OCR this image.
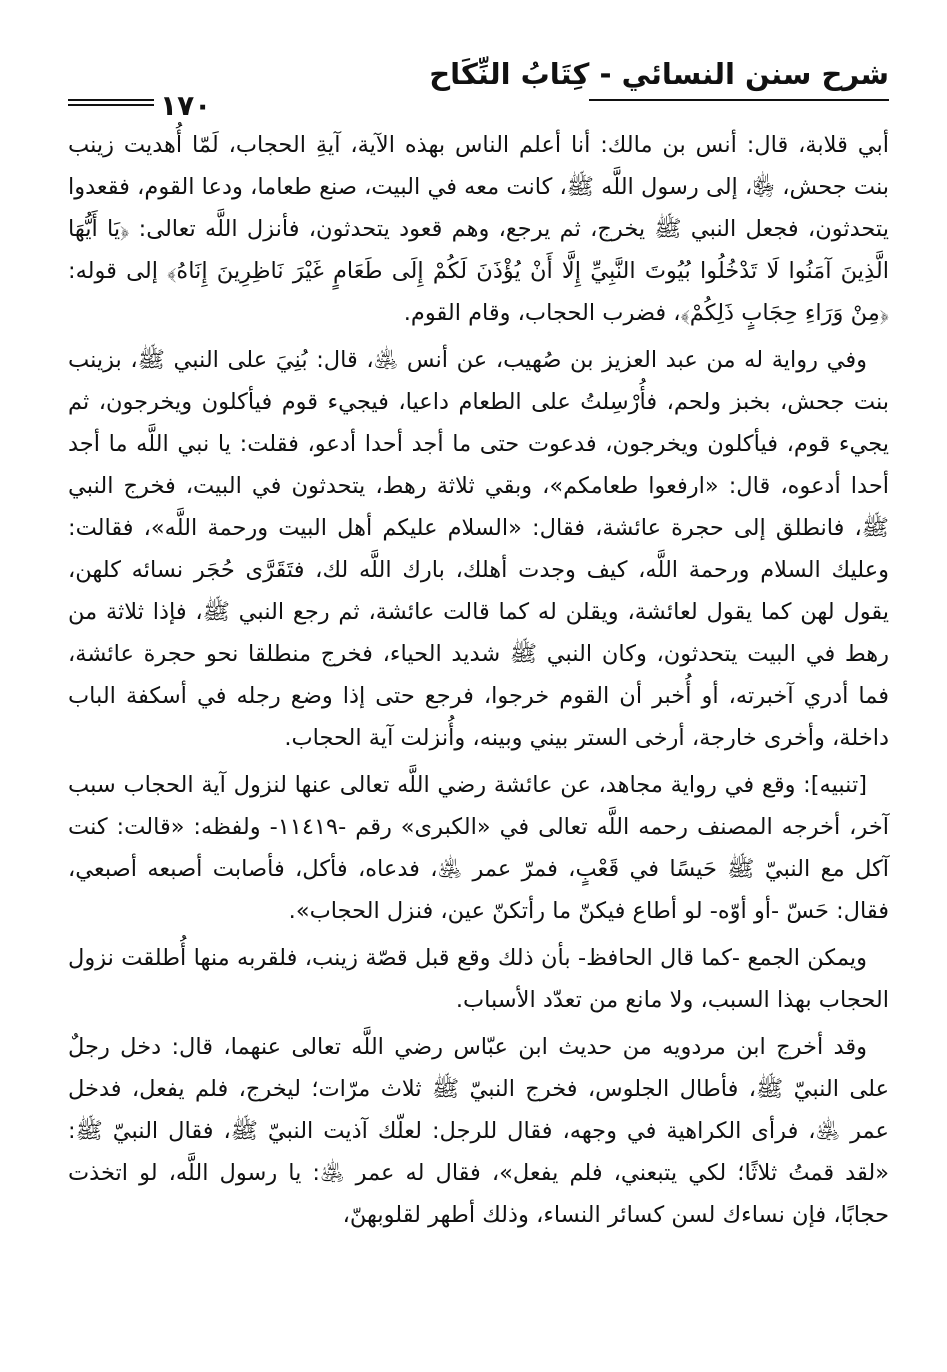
شرح سنن النسائي - كِتَابُ النِّكَاح
١٧٠

أبي قلابة، قال: أنس بن مالك: أنا أعلم الناس بهذه الآية، آيةِ الحجاب، لَمّا أُهديت زينب بنت جحش، ﵂، إلى رسول اللَّه ﷺ، كانت معه في البيت، صنع طعاما، ودعا القوم، فقعدوا يتحدثون، فجعل النبي ﷺ يخرج، ثم يرجع، وهم قعود يتحدثون، فأنزل اللَّه تعالى: ﴿يَا أَيُّهَا الَّذِينَ آمَنُوا لَا تَدْخُلُوا بُيُوتَ النَّبِيِّ إِلَّا أَنْ يُؤْذَنَ لَكُمْ إِلَى طَعَامٍ غَيْرَ نَاظِرِينَ إِنَاهُ﴾ إلى قوله: ﴿مِنْ وَرَاءِ حِجَابٍ ذَلِكُمْ﴾، فضرب الحجاب، وقام القوم.

وفي رواية له من عبد العزيز بن صُهيب، عن أنس ﵁، قال: بُنِيَ على النبي ﷺ، بزينب بنت جحش، بخبز ولحم، فأُرْسِلتُ على الطعام داعيا، فيجيء قوم فيأكلون ويخرجون، ثم يجيء قوم، فيأكلون ويخرجون، فدعوت حتى ما أجد أحدا أدعو، فقلت: يا نبي اللَّه ما أجد أحدا أدعوه، قال: «ارفعوا طعامكم»، وبقي ثلاثة رهط، يتحدثون في البيت، فخرج النبي ﷺ، فانطلق إلى حجرة عائشة، فقال: «السلام عليكم أهل البيت ورحمة اللَّه»، فقالت: وعليك السلام ورحمة اللَّه، كيف وجدت أهلك، بارك اللَّه لك، فتَقَرَّى حُجَر نسائه كلهن، يقول لهن كما يقول لعائشة، ويقلن له كما قالت عائشة، ثم رجع النبي ﷺ، فإذا ثلاثة من رهط في البيت يتحدثون، وكان النبي ﷺ شديد الحياء، فخرج منطلقا نحو حجرة عائشة، فما أدري آخبرته، أو أُخبر أن القوم خرجوا، فرجع حتى إذا وضع رجله في أسكفة الباب داخلة، وأخرى خارجة، أرخى الستر بيني وبينه، وأُنزلت آية الحجاب.

[تنبيه]: وقع في رواية مجاهد، عن عائشة رضي اللَّه تعالى عنها لنزول آية الحجاب سبب آخر، أخرجه المصنف رحمه اللَّه تعالى في «الكبرى» رقم -١١٤١٩- ولفظه: «قالت: كنت آكل مع النبيّ ﷺ حَيسًا في قَعْبٍ، فمرّ عمر ﵁، فدعاه، فأكل، فأصابت أصبعه أصبعي، فقال: حَسّ -أو أوّه- لو أطاع فيكنّ ما رأتكنّ عين، فنزل الحجاب».

ويمكن الجمع -كما قال الحافظ- بأن ذلك وقع قبل قصّة زينب، فلقربه منها أُطلقت نزول الحجاب بهذا السبب، ولا مانع من تعدّد الأسباب.

وقد أخرج ابن مردويه من حديث ابن عبّاس رضي اللَّه تعالى عنهما، قال: دخل رجلٌ على النبيّ ﷺ، فأطال الجلوس، فخرج النبيّ ﷺ ثلاث مرّات؛ ليخرج، فلم يفعل، فدخل عمر ﵁، فرأى الكراهية في وجهه، فقال للرجل: لعلّك آذيت النبيّ ﷺ، فقال النبيّ ﷺ: «لقد قمتُ ثلاثًا؛ لكي يتبعني، فلم يفعل»، فقال له عمر ﵁: يا رسول اللَّه، لو اتخذت حجابًا، فإن نساءك لسن كسائر النساء، وذلك أطهر لقلوبهنّ،
